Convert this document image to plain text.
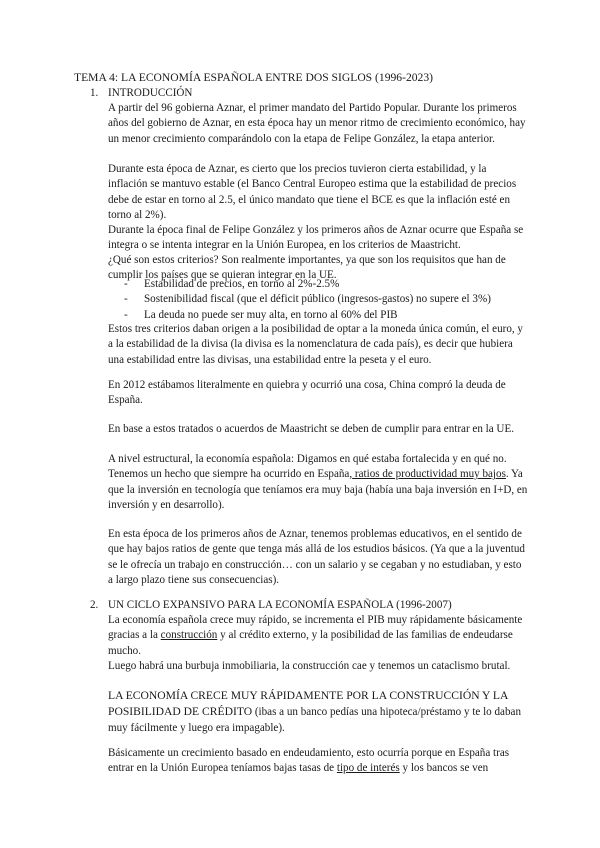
TEMA 4: LA ECONOMÍA ESPAÑOLA ENTRE DOS SIGLOS (1996-2023)
1. INTRODUCCIÓN

A partir del 96 gobierna Aznar, el primer mandato del Partido Popular. Durante los primeros años del gobierno de Aznar, en esta época hay un menor ritmo de crecimiento económico, hay un menor crecimiento comparándolo con la etapa de Felipe González, la etapa anterior.

Durante esta época de Aznar, es cierto que los precios tuvieron cierta estabilidad, y la inflación se mantuvo estable (el Banco Central Europeo estima que la estabilidad de precios debe de estar en torno al 2.5, el único mandato que tiene el BCE es que la inflación esté en torno al 2%).

Durante la época final de Felipe González y los primeros años de Aznar ocurre que España se integra o se intenta integrar en la Unión Europea, en los criterios de Maastricht.

¿Qué son estos criterios? Son realmente importantes, ya que son los requisitos que han de cumplir los países que se quieran integrar en la UE.

-	Estabilidad de precios, en torno al 2%-2.5%
-	Sostenibilidad fiscal (que el déficit público (ingresos-gastos) no supere el 3%)
-	La deuda no puede ser muy alta, en torno al 60% del PIB

Estos tres criterios daban origen a la posibilidad de optar a la moneda única común, el euro, y a la estabilidad de la divisa (la divisa es la nomenclatura de cada país), es decir que hubiera una estabilidad entre las divisas, una estabilidad entre la peseta y el euro.

En 2012 estábamos literalmente en quiebra y ocurrió una cosa, China compró la deuda de España.

En base a estos tratados o acuerdos de Maastricht se deben de cumplir para entrar en la UE.

A nivel estructural, la economía española: Digamos en qué estaba fortalecida y en qué no. Tenemos un hecho que siempre ha ocurrido en España, ratios de productividad muy bajos. Ya que la inversión en tecnología que teníamos era muy baja (había una baja inversión en I+D, en inversión y en desarrollo).

En esta época de los primeros años de Aznar, tenemos problemas educativos, en el sentido de que hay bajos ratios de gente que tenga más allá de los estudios básicos. (Ya que a la juventud se le ofrecía un trabajo en construcción… con un salario y se cegaban y no estudiaban, y esto a largo plazo tiene sus consecuencias).

2. UN CICLO EXPANSIVO PARA LA ECONOMÍA ESPAÑOLA (1996-2007)

La economía española crece muy rápido, se incrementa el PIB muy rápidamente básicamente gracias a la construcción y al crédito externo, y la posibilidad de las familias de endeudarse mucho.

Luego habrá una burbuja inmobiliaria, la construcción cae y tenemos un cataclismo brutal.

LA ECONOMÍA CRECE MUY RÁPIDAMENTE POR LA CONSTRUCCIÓN Y LA POSIBILIDAD DE CRÉDITO (ibas a un banco pedías una hipoteca/préstamo y te lo daban muy fácilmente y luego era impagable).

Básicamente un crecimiento basado en endeudamiento, esto ocurría porque en España tras entrar en la Unión Europea teníamos bajas tasas de tipo de interés y los bancos se ven
